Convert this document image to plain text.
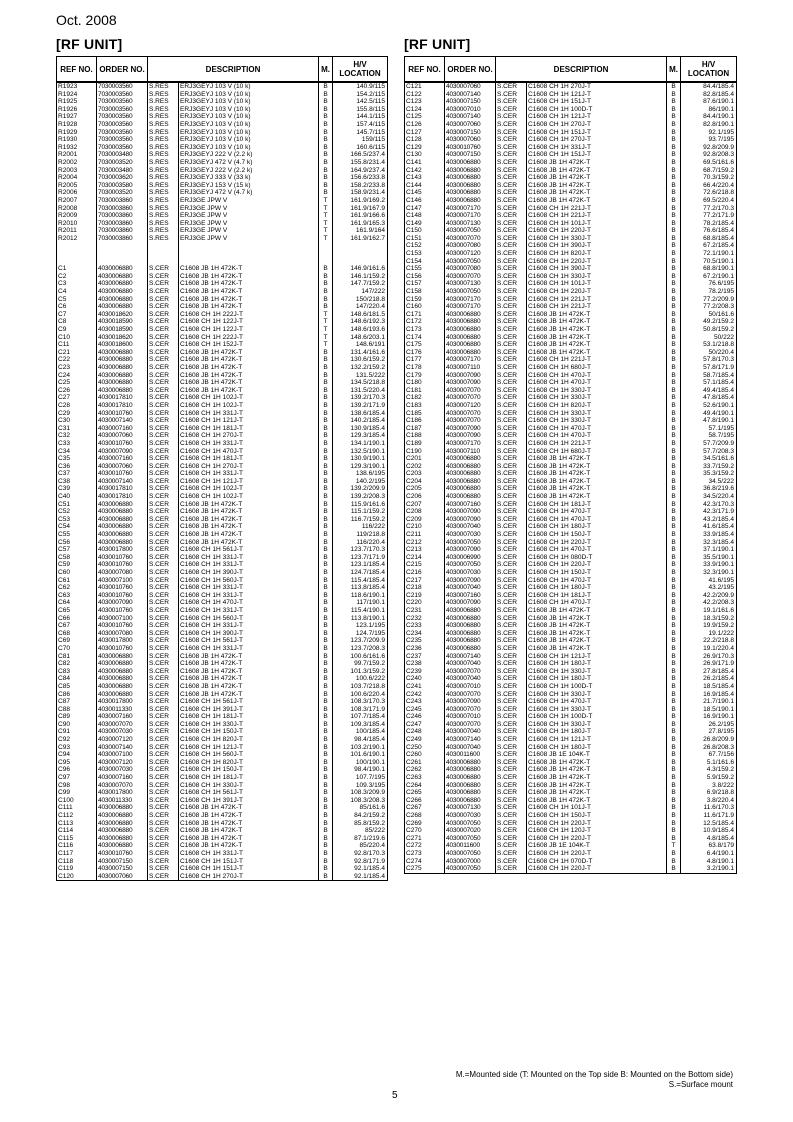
Oct. 2008
[RF UNIT]	[RF UNIT]
REF NO.	ORDER NO.	DESCRIPTION		M.	H/V LOCATION
R1923	7030003560	S.RES	ERJ3GEYJ 103 V (10 k)	B	140.9/115
R1924	7030003560	S.RES	ERJ3GEYJ 103 V (10 k)	B	154.2/115
R1925	7030003560	S.RES	ERJ3GEYJ 103 V (10 k)	B	142.5/115
R1926	7030003560	S.RES	ERJ3GEYJ 103 V (10 k)	B	155.8/115
R1927	7030003560	S.RES	ERJ3GEYJ 103 V (10 k)	B	144.1/115
R1928	7030003560	S.RES	ERJ3GEYJ 103 V (10 k)	B	157.4/115
R1929	7030003560	S.RES	ERJ3GEYJ 103 V (10 k)	B	145.7/115
R1930	7030003560	S.RES	ERJ3GEYJ 103 V (10 k)	B	159/115
R1932	7030003560	S.RES	ERJ3GEYJ 103 V (10 k)	B	160.6/115
R2001	7030003480	S.RES	ERJ3GEYJ 222 V (2.2 k)	B	166.5/237.4
R2002	7030003520	S.RES	ERJ3GEYJ 472 V (4.7 k)	B	155.8/231.4
R2003	7030003480	S.RES	ERJ3GEYJ 222 V (2.2 k)	B	164.9/237.4
R2004	7030003620	S.RES	ERJ3GEYJ 333 V (33 k)	B	156.6/233.8
R2005	7030003580	S.RES	ERJ3GEYJ 153 V (15 k)	B	158.2/233.8
R2006	7030003520	S.RES	ERJ3GEYJ 472 V (4.7 k)	B	158.9/231.4
R2007	7030003860	S.RES	ERJ3GE JPW V	T	161.9/169.2
R2008	7030003860	S.RES	ERJ3GE JPW V	T	161.9/167.9
R2009	7030003860	S.RES	ERJ3GE JPW V	T	161.9/166.6
R2010	7030003860	S.RES	ERJ3GE JPW V	T	161.9/165.3
R2011	7030003860	S.RES	ERJ3GE JPW V	T	161.9/164
R2012	7030003860	S.RES	ERJ3GE JPW V	T	161.9/162.7

C1	4030006880	S.CER	C1608 JB 1H 472K-T	B	146.9/161.6
C2	4030006880	S.CER	C1608 JB 1H 472K-T	B	146.1/159.2
C3	4030006880	S.CER	C1608 JB 1H 472K-T	B	147.7/159.2
C4	4030006880	S.CER	C1608 JB 1H 472K-T	B	147/222
C5	4030006880	S.CER	C1608 JB 1H 472K-T	B	150/218.8
C6	4030006880	S.CER	C1608 JB 1H 472K-T	B	147/220.4
C7	4030018620	S.CER	C1608 CH 1H 222J-T	T	148.6/181.5
C8	4030018590	S.CER	C1608 CH 1H 122J-T	T	148.6/192.3
C9	4030018590	S.CER	C1608 CH 1H 122J-T	T	148.6/193.6
C10	4030018620	S.CER	C1608 CH 1H 222J-T	T	148.6/203.1
C11	4030018600	S.CER	C1608 CH 1H 152J-T	T	148.6/191
C21	4030006880	S.CER	C1608 JB 1H 472K-T	B	131.4/161.6
C22	4030006880	S.CER	C1608 JB 1H 472K-T	B	130.6/159.2
C23	4030006880	S.CER	C1608 JB 1H 472K-T	B	132.2/159.2
C24	4030006880	S.CER	C1608 JB 1H 472K-T	B	131.5/222
C25	4030006880	S.CER	C1608 JB 1H 472K-T	B	134.5/218.8
C26	4030006880	S.CER	C1608 JB 1H 472K-T	B	131.5/220.4
C27	4030017810	S.CER	C1608 CH 1H 102J-T	B	139.2/170.3
C28	4030017810	S.CER	C1608 CH 1H 102J-T	B	139.2/171.9
C29	4030010760	S.CER	C1608 CH 1H 331J-T	B	138.6/185.4
C30	4030007140	S.CER	C1608 CH 1H 121J-T	B	140.2/185.4
C31	4030007160	S.CER	C1608 CH 1H 181J-T	B	130.9/185.4
C32	4030007060	S.CER	C1608 CH 1H 270J-T	B	129.3/185.4
C33	4030010760	S.CER	C1608 CH 1H 331J-T	B	134.1/190.1
C34	4030007090	S.CER	C1608 CH 1H 470J-T	B	132.5/190.1
C35	4030007160	S.CER	C1608 CH 1H 181J-T	B	130.9/190.1
C36	4030007060	S.CER	C1608 CH 1H 270J-T	B	129.3/190.1
C37	4030010760	S.CER	C1608 CH 1H 331J-T	B	138.6/195
C38	4030007140	S.CER	C1608 CH 1H 121J-T	B	140.2/195
C39	4030017810	S.CER	C1608 CH 1H 102J-T	B	139.2/209.9
C40	4030017810	S.CER	C1608 CH 1H 102J-T	B	139.2/208.3
C51	4030006880	S.CER	C1608 JB 1H 472K-T	B	115.9/161.6
C52	4030006880	S.CER	C1608 JB 1H 472K-T	B	115.1/159.2
C53	4030006880	S.CER	C1608 JB 1H 472K-T	B	116.7/159.2
C54	4030006880	S.CER	C1608 JB 1H 472K-T	B	116/222
C55	4030006880	S.CER	C1608 JB 1H 472K-T	B	119/218.8
C56	4030006880	S.CER	C1608 JB 1H 472K-T	B	116/220.4
C57	4030017800	S.CER	C1608 CH 1H 561J-T	B	123.7/170.3
C58	4030010760	S.CER	C1608 CH 1H 331J-T	B	123.7/171.9
C59	4030010760	S.CER	C1608 CH 1H 331J-T	B	123.1/185.4
C60	4030007080	S.CER	C1608 CH 1H 390J-T	B	124.7/185.4
C61	4030007100	S.CER	C1608 CH 1H 560J-T	B	115.4/185.4
C62	4030010760	S.CER	C1608 CH 1H 331J-T	B	113.8/185.4
C63	4030010760	S.CER	C1608 CH 1H 331J-T	B	118.6/190.1
C64	4030007090	S.CER	C1608 CH 1H 470J-T	B	117/190.1
C65	4030010760	S.CER	C1608 CH 1H 331J-T	B	115.4/190.1
C66	4030007100	S.CER	C1608 CH 1H 560J-T	B	113.8/190.1
C67	4030010760	S.CER	C1608 CH 1H 331J-T	B	123.1/195
C68	4030007080	S.CER	C1608 CH 1H 390J-T	B	124.7/195
C69	4030017800	S.CER	C1608 CH 1H 561J-T	B	123.7/209.9
C70	4030010760	S.CER	C1608 CH 1H 331J-T	B	123.7/208.3
C81	4030006880	S.CER	C1608 JB 1H 472K-T	B	100.6/161.6
C82	4030006880	S.CER	C1608 JB 1H 472K-T	B	99.7/159.2
C83	4030006880	S.CER	C1608 JB 1H 472K-T	B	101.3/159.2
C84	4030006880	S.CER	C1608 JB 1H 472K-T	B	100.6/222
C85	4030006880	S.CER	C1608 JB 1H 472K-T	B	103.7/218.8
C86	4030006880	S.CER	C1608 JB 1H 472K-T	B	100.6/220.4
C87	4030017800	S.CER	C1608 CH 1H 561J-T	B	108.3/170.3
C88	4030011330	S.CER	C1608 CH 1H 391J-T	B	108.3/171.9
C89	4030007160	S.CER	C1608 CH 1H 181J-T	B	107.7/185.4
C90	4030007070	S.CER	C1608 CH 1H 330J-T	B	109.3/185.4
C91	4030007030	S.CER	C1608 CH 1H 150J-T	B	100/185.4
C92	4030007120	S.CER	C1608 CH 1H 820J-T	B	98.4/185.4
C93	4030007140	S.CER	C1608 CH 1H 121J-T	B	103.2/190.1
C94	4030007100	S.CER	C1608 CH 1H 560J-T	B	101.6/190.1
C95	4030007120	S.CER	C1608 CH 1H 820J-T	B	100/190.1
C96	4030007030	S.CER	C1608 CH 1H 150J-T	B	98.4/190.1
C97	4030007160	S.CER	C1608 CH 1H 181J-T	B	107.7/195
C98	4030007070	S.CER	C1608 CH 1H 330J-T	B	109.3/195
C99	4030017800	S.CER	C1608 CH 1H 561J-T	B	108.3/209.9
C100	4030011330	S.CER	C1608 CH 1H 391J-T	B	108.3/208.3
C111	4030006880	S.CER	C1608 JB 1H 472K-T	B	85/161.6
C112	4030006880	S.CER	C1608 JB 1H 472K-T	B	84.2/159.2
C113	4030006880	S.CER	C1608 JB 1H 472K-T	B	85.8/159.2
C114	4030006880	S.CER	C1608 JB 1H 472K-T	B	85/222
C115	4030006880	S.CER	C1608 JB 1H 472K-T	B	87.1/219.6
C116	4030006880	S.CER	C1608 JB 1H 472K-T	B	85/220.4
C117	4030010760	S.CER	C1608 CH 1H 331J-T	B	92.8/170.3
C118	4030007150	S.CER	C1608 CH 1H 151J-T	B	92.8/171.9
C119	4030007150	S.CER	C1608 CH 1H 151J-T	B	92.1/185.4
C120	4030007060	S.CER	C1608 CH 1H 270J-T	B	92.1/185.4
REF NO.	ORDER NO.	DESCRIPTION		M.	H/V LOCATION
C121	4030007060	S.CER	C1608 CH 1H 270J-T	B	84.4/185.4
C122	4030007140	S.CER	C1608 CH 1H 121J-T	B	82.8/185.4
C123	4030007150	S.CER	C1608 CH 1H 151J-T	B	87.6/190.1
C124	4030007010	S.CER	C1608 CH 1H 100D-T	B	86/190.1
C125	4030007140	S.CER	C1608 CH 1H 121J-T	B	84.4/190.1
C126	4030007060	S.CER	C1608 CH 1H 270J-T	B	82.8/190.1
C127	4030007150	S.CER	C1608 CH 1H 151J-T	B	92.1/195
C128	4030007060	S.CER	C1608 CH 1H 270J-T	B	93.7/195
C129	4030010760	S.CER	C1608 CH 1H 331J-T	B	92.8/209.9
C130	4030007150	S.CER	C1608 CH 1H 151J-T	B	92.8/208.3
C141	4030006880	S.CER	C1608 JB 1H 472K-T	B	69.5/161.6
C142	4030006880	S.CER	C1608 JB 1H 472K-T	B	68.7/159.2
C143	4030006880	S.CER	C1608 JB 1H 472K-T	B	70.3/159.2
C144	4030006880	S.CER	C1608 JB 1H 472K-T	B	66.4/220.4
C145	4030006880	S.CER	C1608 JB 1H 472K-T	B	72.6/218.8
C146	4030006880	S.CER	C1608 JB 1H 472K-T	B	69.5/220.4
C147	4030007170	S.CER	C1608 CH 1H 221J-T	B	77.2/170.3
C148	4030007170	S.CER	C1608 CH 1H 221J-T	B	77.2/171.9
C149	4030007130	S.CER	C1608 CH 1H 101J-T	B	78.2/185.4
C150	4030007050	S.CER	C1608 CH 1H 220J-T	B	76.6/185.4
C151	4030007070	S.CER	C1608 CH 1H 330J-T	B	68.8/185.4
C152	4030007080	S.CER	C1608 CH 1H 390J-T	B	67.2/185.4
C153	4030007120	S.CER	C1608 CH 1H 820J-T	B	72.1/190.1
C154	4030007050	S.CER	C1608 CH 1H 220J-T	B	70.5/190.1
C155	4030007080	S.CER	C1608 CH 1H 390J-T	B	68.8/190.1
C156	4030007070	S.CER	C1608 CH 1H 330J-T	B	67.2/190.1
C157	4030007130	S.CER	C1608 CH 1H 101J-T	B	76.6/195
C158	4030007050	S.CER	C1608 CH 1H 220J-T	B	78.2/195
C159	4030007170	S.CER	C1608 CH 1H 221J-T	B	77.2/209.9
C160	4030007170	S.CER	C1608 CH 1H 221J-T	B	77.2/208.3
C171	4030006880	S.CER	C1608 JB 1H 472K-T	B	50/161.6
C172	4030006880	S.CER	C1608 JB 1H 472K-T	B	49.2/159.2
C173	4030006880	S.CER	C1608 JB 1H 472K-T	B	50.8/159.2
C174	4030006880	S.CER	C1608 JB 1H 472K-T	B	50/222
C175	4030006880	S.CER	C1608 JB 1H 472K-T	B	53.1/218.8
C176	4030006880	S.CER	C1608 JB 1H 472K-T	B	50/220.4
C177	4030007170	S.CER	C1608 CH 1H 221J-T	B	57.8/170.3
C178	4030007110	S.CER	C1608 CH 1H 680J-T	B	57.8/171.9
C179	4030007090	S.CER	C1608 CH 1H 470J-T	B	58.7/185.4
C180	4030007090	S.CER	C1608 CH 1H 470J-T	B	57.1/185.4
C181	4030007070	S.CER	C1608 CH 1H 330J-T	B	49.4/185.4
C182	4030007070	S.CER	C1608 CH 1H 330J-T	B	47.8/185.4
C183	4030007120	S.CER	C1608 CH 1H 820J-T	B	52.6/190.1
C185	4030007070	S.CER	C1608 CH 1H 330J-T	B	49.4/190.1
C186	4030007070	S.CER	C1608 CH 1H 330J-T	B	47.8/190.1
C187	4030007090	S.CER	C1608 CH 1H 470J-T	B	57.1/195
C188	4030007090	S.CER	C1608 CH 1H 470J-T	B	58.7/195
C189	4030007170	S.CER	C1608 CH 1H 221J-T	B	57.7/209.9
C190	4030007110	S.CER	C1608 CH 1H 680J-T	B	57.7/208.3
C201	4030006880	S.CER	C1608 JB 1H 472K-T	B	34.5/161.6
C202	4030006880	S.CER	C1608 JB 1H 472K-T	B	33.7/159.2
C203	4030006880	S.CER	C1608 JB 1H 472K-T	B	35.3/159.2
C204	4030006880	S.CER	C1608 JB 1H 472K-T	B	34.5/222
C205	4030006880	S.CER	C1608 JB 1H 472K-T	B	36.8/219.6
C206	4030006880	S.CER	C1608 JB 1H 472K-T	B	34.5/220.4
C207	4030007160	S.CER	C1608 CH 1H 181J-T	B	42.3/170.3
C208	4030007090	S.CER	C1608 CH 1H 470J-T	B	42.3/171.9
C209	4030007090	S.CER	C1608 CH 1H 470J-T	B	43.2/185.4
C210	4030007040	S.CER	C1608 CH 1H 180J-T	B	41.6/185.4
C211	4030007030	S.CER	C1608 CH 1H 150J-T	B	33.9/185.4
C212	4030007050	S.CER	C1608 CH 1H 220J-T	B	32.3/185.4
C213	4030007090	S.CER	C1608 CH 1H 470J-T	B	37.1/190.1
C214	4030006990	S.CER	C1608 CH 1H 080D-T	B	35.5/190.1
C215	4030007050	S.CER	C1608 CH 1H 220J-T	B	33.9/190.1
C216	4030007030	S.CER	C1608 CH 1H 150J-T	B	32.3/190.1
C217	4030007090	S.CER	C1608 CH 1H 470J-T	B	41.6/195
C218	4030007040	S.CER	C1608 CH 1H 180J-T	B	43.2/195
C219	4030007160	S.CER	C1608 CH 1H 181J-T	B	42.2/209.9
C220	4030007090	S.CER	C1608 CH 1H 470J-T	B	42.2/208.3
C231	4030006880	S.CER	C1608 JB 1H 472K-T	B	19.1/161.6
C232	4030006880	S.CER	C1608 JB 1H 472K-T	B	18.3/159.2
C233	4030006880	S.CER	C1608 JB 1H 472K-T	B	19.9/159.2
C234	4030006880	S.CER	C1608 JB 1H 472K-T	B	19.1/222
C235	4030006880	S.CER	C1608 JB 1H 472K-T	B	22.2/218.8
C236	4030006880	S.CER	C1608 JB 1H 472K-T	B	19.1/220.4
C237	4030007140	S.CER	C1608 CH 1H 121J-T	B	26.9/170.3
C238	4030007040	S.CER	C1608 CH 1H 180J-T	B	26.9/171.9
C239	4030007070	S.CER	C1608 CH 1H 330J-T	B	27.8/185.4
C240	4030007040	S.CER	C1608 CH 1H 180J-T	B	26.2/185.4
C241	4030007010	S.CER	C1608 CH 1H 100D-T	B	18.5/185.4
C242	4030007070	S.CER	C1608 CH 1H 330J-T	B	16.9/185.4
C243	4030007090	S.CER	C1608 CH 1H 470J-T	B	21.7/190.1
C245	4030007070	S.CER	C1608 CH 1H 330J-T	B	18.5/190.1
C246	4030007010	S.CER	C1608 CH 1H 100D-T	B	16.9/190.1
C247	4030007070	S.CER	C1608 CH 1H 330J-T	B	26.2/195
C248	4030007040	S.CER	C1608 CH 1H 180J-T	B	27.8/195
C249	4030007140	S.CER	C1608 CH 1H 121J-T	B	26.8/209.9
C250	4030007040	S.CER	C1608 CH 1H 180J-T	B	26.8/208.3
C260	4030011600	S.CER	C1608 JB 1E 104K-T	B	67.7/156
C261	4030006880	S.CER	C1608 JB 1H 472K-T	B	5.1/161.6
C262	4030006880	S.CER	C1608 JB 1H 472K-T	B	4.3/159.2
C263	4030006880	S.CER	C1608 JB 1H 472K-T	B	5.9/159.2
C264	4030006880	S.CER	C1608 JB 1H 472K-T	B	3.8/222
C265	4030006880	S.CER	C1608 JB 1H 472K-T	B	6.9/218.8
C266	4030006880	S.CER	C1608 JB 1H 472K-T	B	3.8/220.4
C267	4030007130	S.CER	C1608 CH 1H 101J-T	B	11.6/170.3
C268	4030007030	S.CER	C1608 CH 1H 150J-T	B	11.6/171.9
C269	4030007050	S.CER	C1608 CH 1H 220J-T	B	12.5/185.4
C270	4030007020	S.CER	C1608 CH 1H 120J-T	B	10.9/185.4
C271	4030007050	S.CER	C1608 CH 1H 220J-T	B	4.8/185.4
C272	4030011600	S.CER	C1608 JB 1E 104K-T	T	63.8/179
C273	4030007050	S.CER	C1608 CH 1H 220J-T	B	6.4/190.1
C274	4030007000	S.CER	C1608 CH 1H 070D-T	B	4.8/190.1
C275	4030007050	S.CER	C1608 CH 1H 220J-T	B	3.2/190.1
M.=Mounted side (T: Mounted on the Top side B: Mounted on the Bottom side)
S.=Surface mount
5
